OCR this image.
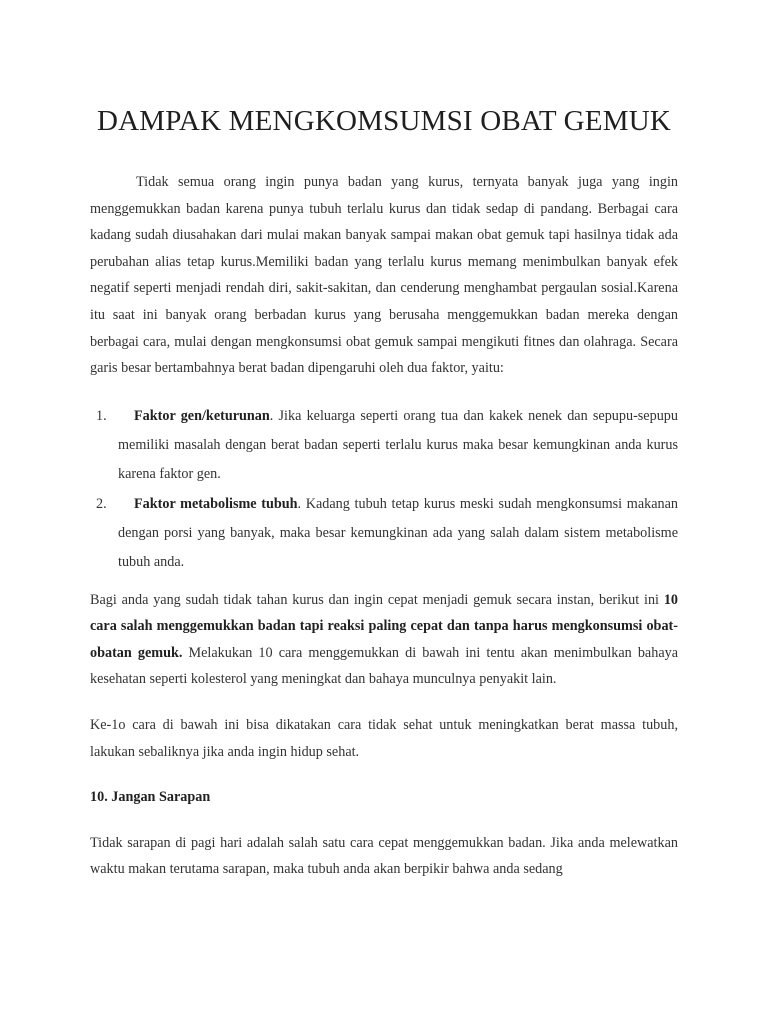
DAMPAK MENGKOMSUMSI OBAT GEMUK

Tidak semua orang ingin punya badan yang kurus, ternyata banyak juga yang ingin menggemukkan badan karena punya tubuh terlalu kurus dan tidak sedap di pandang. Berbagai cara kadang sudah diusahakan dari mulai makan banyak sampai makan obat gemuk tapi hasilnya tidak ada perubahan alias tetap kurus.Memiliki badan yang terlalu kurus memang menimbulkan banyak efek negatif seperti menjadi rendah diri, sakit-sakitan, dan cenderung menghambat pergaulan sosial.Karena itu saat ini banyak orang berbadan kurus yang berusaha menggemukkan badan mereka dengan berbagai cara, mulai dengan mengkonsumsi obat gemuk sampai mengikuti fitnes dan olahraga. Secara garis besar bertambahnya berat badan dipengaruhi oleh dua faktor, yaitu:

1.	Faktor gen/keturunan. Jika keluarga seperti orang tua dan kakek nenek dan sepupu-sepupu memiliki masalah dengan berat badan seperti terlalu kurus maka besar kemungkinan anda kurus karena faktor gen.
2.	Faktor metabolisme tubuh. Kadang tubuh tetap kurus meski sudah mengkonsumsi makanan dengan porsi yang banyak, maka besar kemungkinan ada yang salah dalam sistem metabolisme tubuh anda.

Bagi anda yang sudah tidak tahan kurus dan ingin cepat menjadi gemuk secara instan, berikut ini 10 cara salah menggemukkan badan tapi reaksi paling cepat dan tanpa harus mengkonsumsi obat-obatan gemuk. Melakukan 10 cara menggemukkan di bawah ini tentu akan menimbulkan bahaya kesehatan seperti kolesterol yang meningkat dan bahaya munculnya penyakit lain.

Ke-1o cara di bawah ini bisa dikatakan cara tidak sehat untuk meningkatkan berat massa tubuh, lakukan sebaliknya jika anda ingin hidup sehat.

10. Jangan Sarapan

Tidak sarapan di pagi hari adalah salah satu cara cepat menggemukkan badan. Jika anda melewatkan waktu makan terutama sarapan, maka tubuh anda akan berpikir bahwa anda sedang
